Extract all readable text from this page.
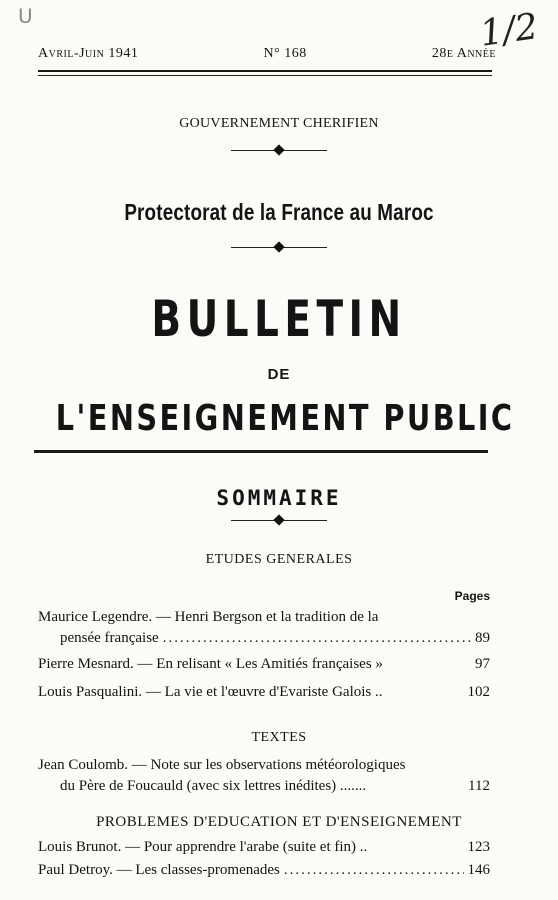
ᑌ	1/2
Avril-Juin 1941	N° 168	28e Année
GOUVERNEMENT CHERIFIEN
Protectorat de la France au Maroc
BULLETIN
DE
L'ENSEIGNEMENT PUBLIC
SOMMAIRE
ETUDES GENERALES
Pages
Maurice Legendre. — Henri Bergson et la tradition de la
pensée française .....	89
Pierre Mesnard. — En relisant « Les Amitiés françaises »	97
Louis Pasqualini. — La vie et l'œuvre d'Evariste Galois ..	102
TEXTES
Jean Coulomb. — Note sur les observations météorologiques
du Père de Foucauld (avec six lettres inédites) .......	112
PROBLEMES D'EDUCATION ET D'ENSEIGNEMENT
Louis Brunot. — Pour apprendre l'arabe (suite et fin) ..	123
Paul Detroy. — Les classes-promenades .....	146
